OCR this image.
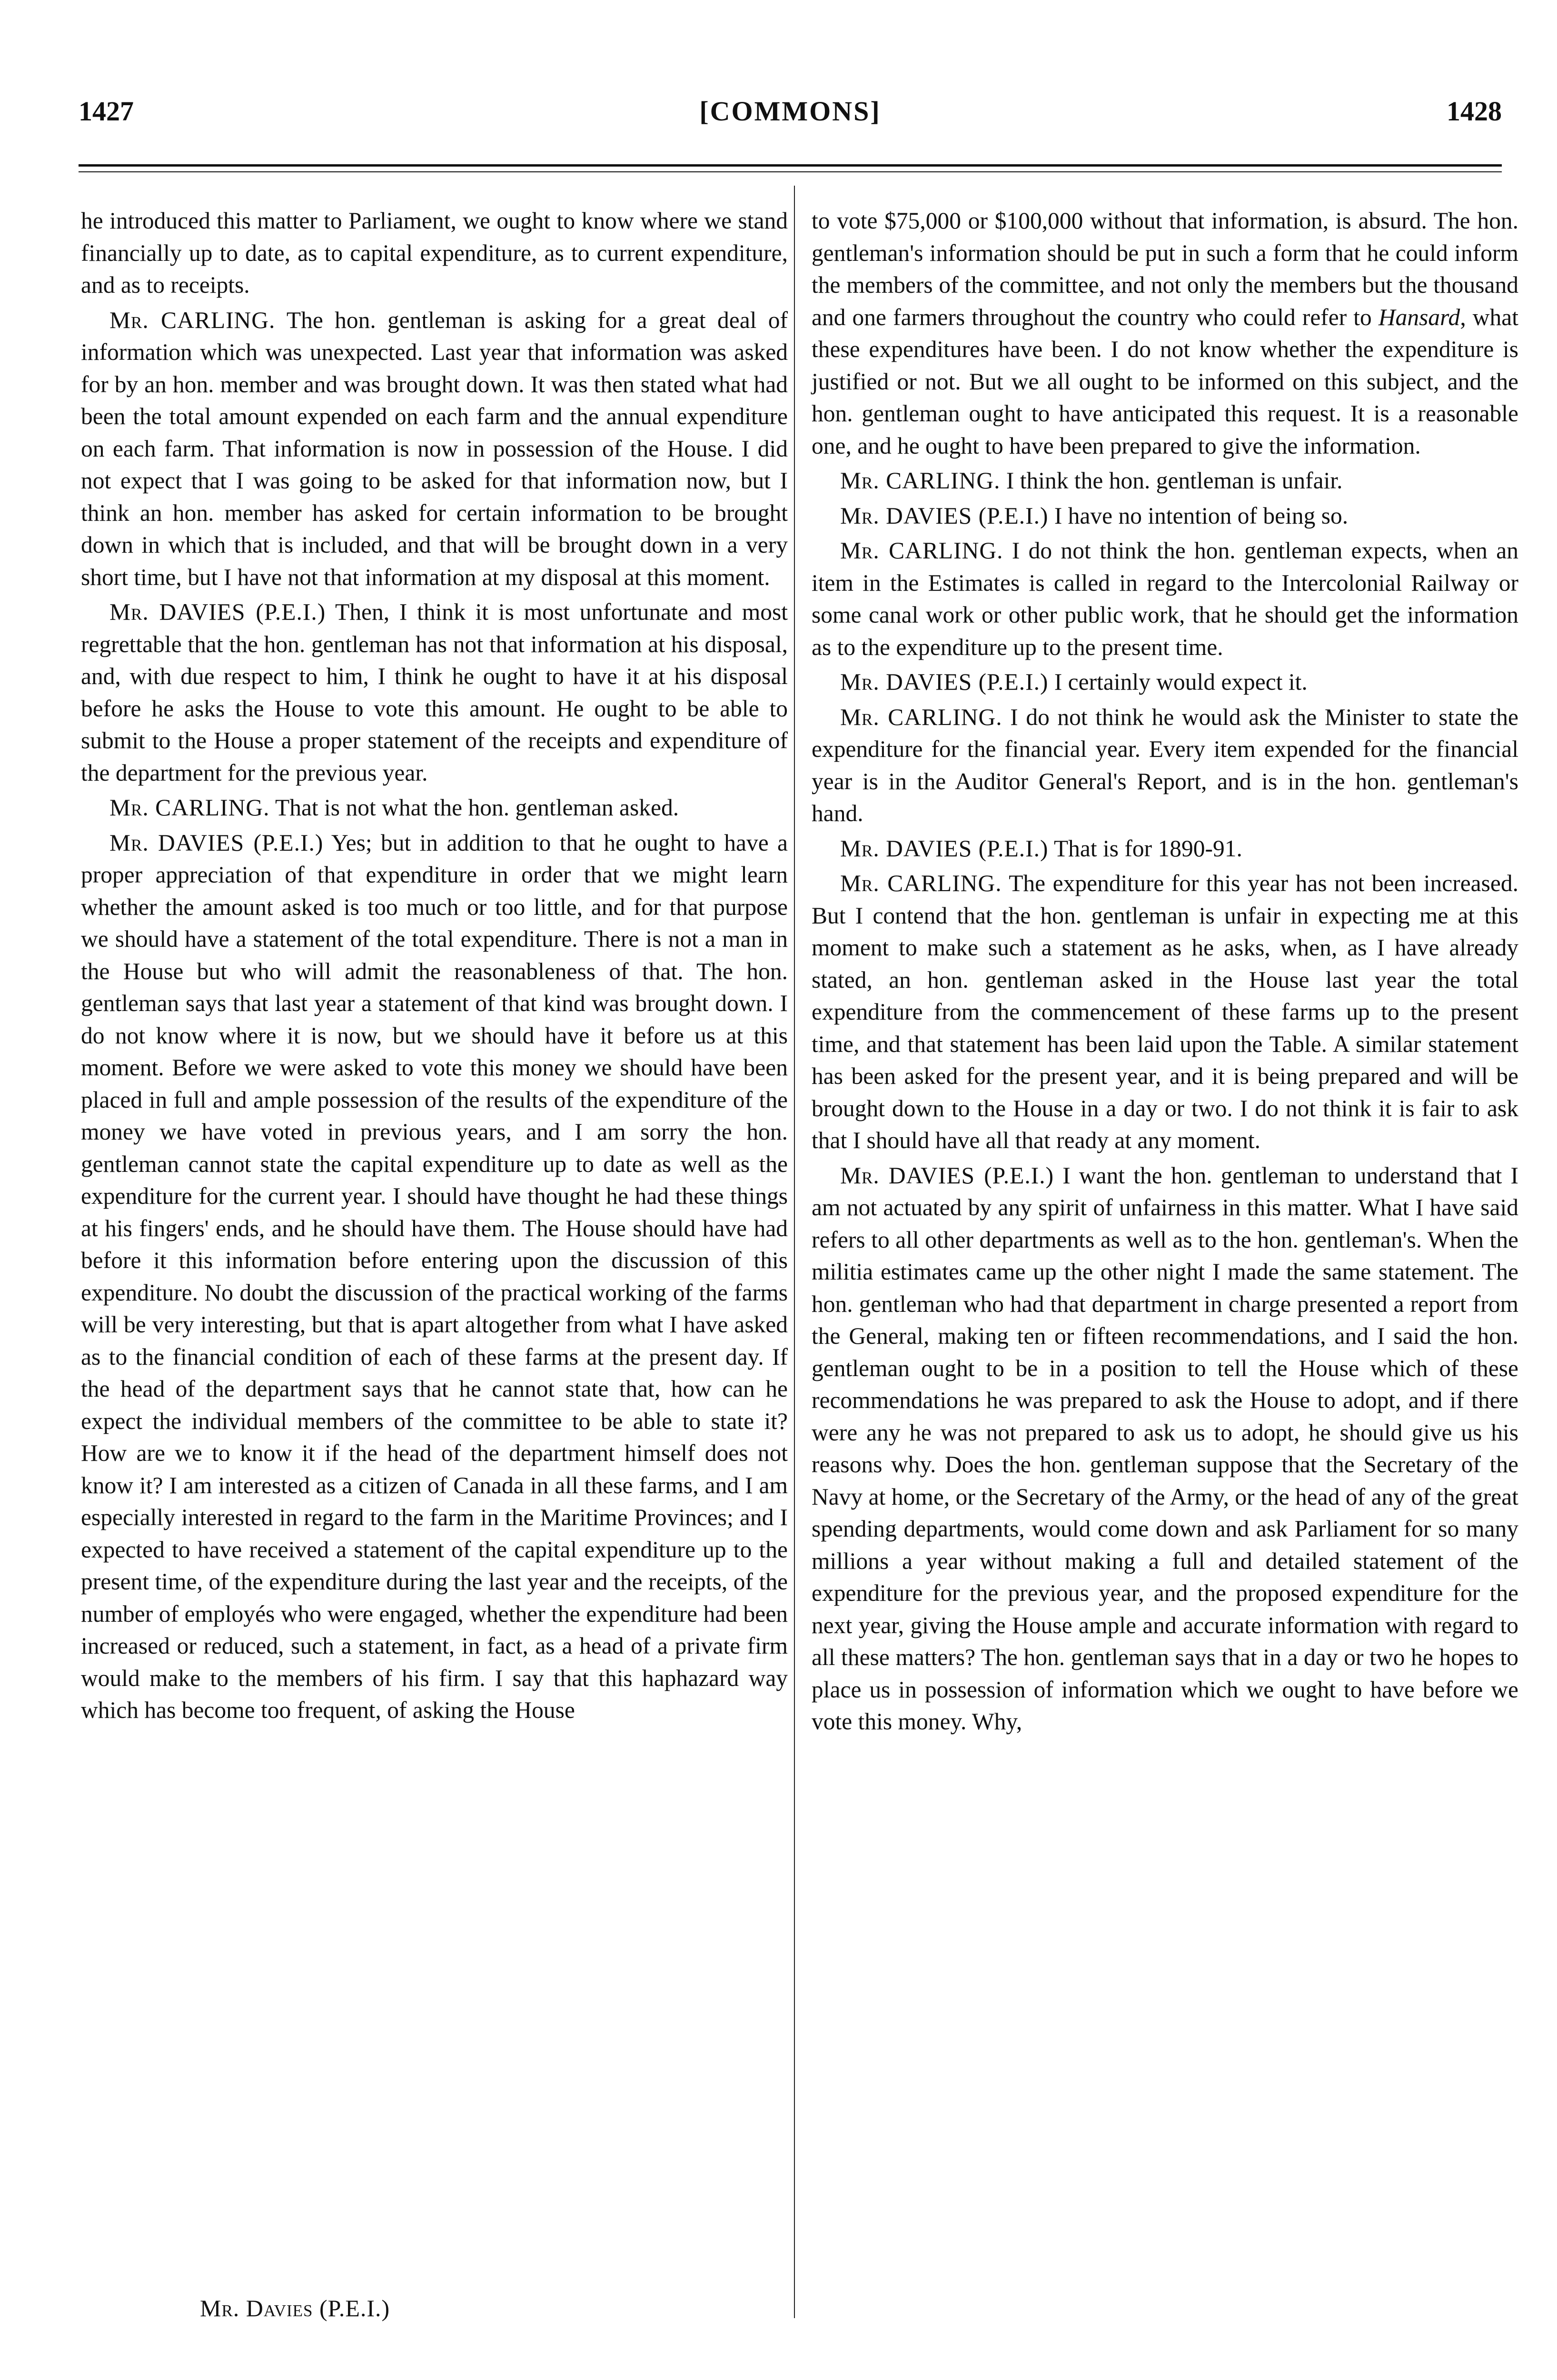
1427	[COMMONS]	1428

he introduced this matter to Parliament, we ought to know where we stand financially up to date, as to capital expenditure, as to current expenditure, and as to receipts.

Mr. CARLING. The hon. gentleman is asking for a great deal of information which was unexpected. Last year that information was asked for by an hon. member and was brought down. It was then stated what had been the total amount expended on each farm and the annual expenditure on each farm. That information is now in possession of the House. I did not expect that I was going to be asked for that information now, but I think an hon. member has asked for certain information to be brought down in which that is included, and that will be brought down in a very short time, but I have not that information at my disposal at this moment.

Mr. DAVIES (P.E.I.) Then, I think it is most unfortunate and most regrettable that the hon. gentleman has not that information at his disposal, and, with due respect to him, I think he ought to have it at his disposal before he asks the House to vote this amount. He ought to be able to submit to the House a proper statement of the receipts and expenditure of the department for the previous year.

Mr. CARLING. That is not what the hon. gentleman asked.

Mr. DAVIES (P.E.I.) Yes; but in addition to that he ought to have a proper appreciation of that expenditure in order that we might learn whether the amount asked is too much or too little, and for that purpose we should have a statement of the total expenditure. There is not a man in the House but who will admit the reasonableness of that. The hon. gentleman says that last year a statement of that kind was brought down. I do not know where it is now, but we should have it before us at this moment. Before we were asked to vote this money we should have been placed in full and ample possession of the results of the expenditure of the money we have voted in previous years, and I am sorry the hon. gentleman cannot state the capital expenditure up to date as well as the expenditure for the current year. I should have thought he had these things at his fingers' ends, and he should have them. The House should have had before it this information before entering upon the discussion of this expenditure. No doubt the discussion of the practical working of the farms will be very interesting, but that is apart altogether from what I have asked as to the financial condition of each of these farms at the present day. If the head of the department says that he cannot state that, how can he expect the individual members of the committee to be able to state it? How are we to know it if the head of the department himself does not know it? I am interested as a citizen of Canada in all these farms, and I am especially interested in regard to the farm in the Maritime Provinces; and I expected to have received a statement of the capital expenditure up to the present time, of the expenditure during the last year and the receipts, of the number of employés who were engaged, whether the expenditure had been increased or reduced, such a statement, in fact, as a head of a private firm would make to the members of his firm. I say that this haphazard way which has become too frequent, of asking the House

to vote $75,000 or $100,000 without that information, is absurd. The hon. gentleman's information should be put in such a form that he could inform the members of the committee, and not only the members but the thousand and one farmers throughout the country who could refer to Hansard, what these expenditures have been. I do not know whether the expenditure is justified or not. But we all ought to be informed on this subject, and the hon. gentleman ought to have anticipated this request. It is a reasonable one, and he ought to have been prepared to give the information.

Mr. CARLING. I think the hon. gentleman is unfair.

Mr. DAVIES (P.E.I.) I have no intention of being so.

Mr. CARLING. I do not think the hon. gentleman expects, when an item in the Estimates is called in regard to the Intercolonial Railway or some canal work or other public work, that he should get the information as to the expenditure up to the present time.

Mr. DAVIES (P.E.I.) I certainly would expect it.

Mr. CARLING. I do not think he would ask the Minister to state the expenditure for the financial year. Every item expended for the financial year is in the Auditor General's Report, and is in the hon. gentleman's hand.

Mr. DAVIES (P.E.I.) That is for 1890-91.

Mr. CARLING. The expenditure for this year has not been increased. But I contend that the hon. gentleman is unfair in expecting me at this moment to make such a statement as he asks, when, as I have already stated, an hon. gentleman asked in the House last year the total expenditure from the commencement of these farms up to the present time, and that statement has been laid upon the Table. A similar statement has been asked for the present year, and it is being prepared and will be brought down to the House in a day or two. I do not think it is fair to ask that I should have all that ready at any moment.

Mr. DAVIES (P.E.I.) I want the hon. gentleman to understand that I am not actuated by any spirit of unfairness in this matter. What I have said refers to all other departments as well as to the hon. gentleman's. When the militia estimates came up the other night I made the same statement. The hon. gentleman who had that department in charge presented a report from the General, making ten or fifteen recommendations, and I said the hon. gentleman ought to be in a position to tell the House which of these recommendations he was prepared to ask the House to adopt, and if there were any he was not prepared to ask us to adopt, he should give us his reasons why. Does the hon. gentleman suppose that the Secretary of the Navy at home, or the Secretary of the Army, or the head of any of the great spending departments, would come down and ask Parliament for so many millions a year without making a full and detailed statement of the expenditure for the previous year, and the proposed expenditure for the next year, giving the House ample and accurate information with regard to all these matters? The hon. gentleman says that in a day or two he hopes to place us in possession of information which we ought to have before we vote this money. Why,

Mr. Davies (P.E.I.)
